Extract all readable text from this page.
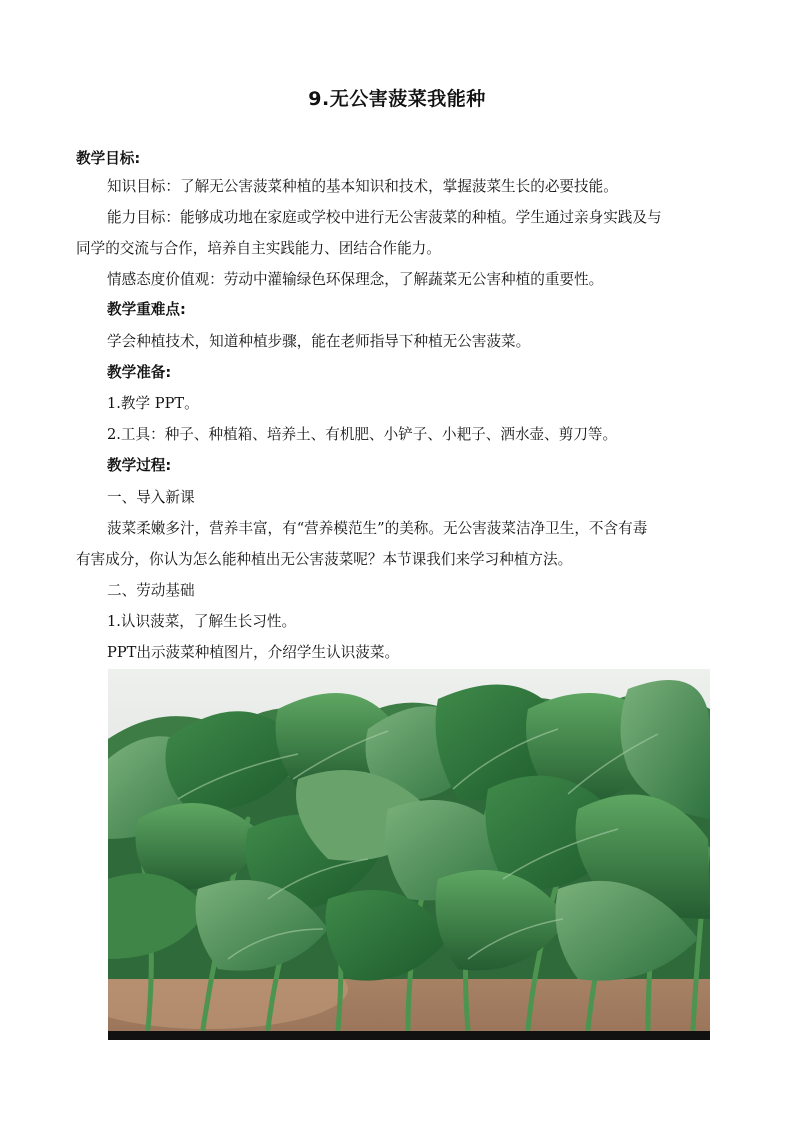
9.无公害菠菜我能种
教学目标:
知识目标：了解无公害菠菜种植的基本知识和技术，掌握菠菜生长的必要技能。
能力目标：能够成功地在家庭或学校中进行无公害菠菜的种植。学生通过亲身实践及与
同学的交流与合作，培养自主实践能力、团结合作能力。
情感态度价值观：劳动中灌输绿色环保理念，了解蔬菜无公害种植的重要性。
教学重难点:
学会种植技术，知道种植步骤，能在老师指导下种植无公害菠菜。
教学准备:
1.教学 PPT。
2.工具：种子、种植箱、培养土、有机肥、小铲子、小耙子、洒水壶、剪刀等。
教学过程:
一、导入新课
菠菜柔嫩多汁，营养丰富，有“营养模范生”的美称。无公害菠菜洁净卫生，不含有毒
有害成分，你认为怎么能种植出无公害菠菜呢？本节课我们来学习种植方法。
二、劳动基础
1.认识菠菜，了解生长习性。
PPT出示菠菜种植图片，介绍学生认识菠菜。
